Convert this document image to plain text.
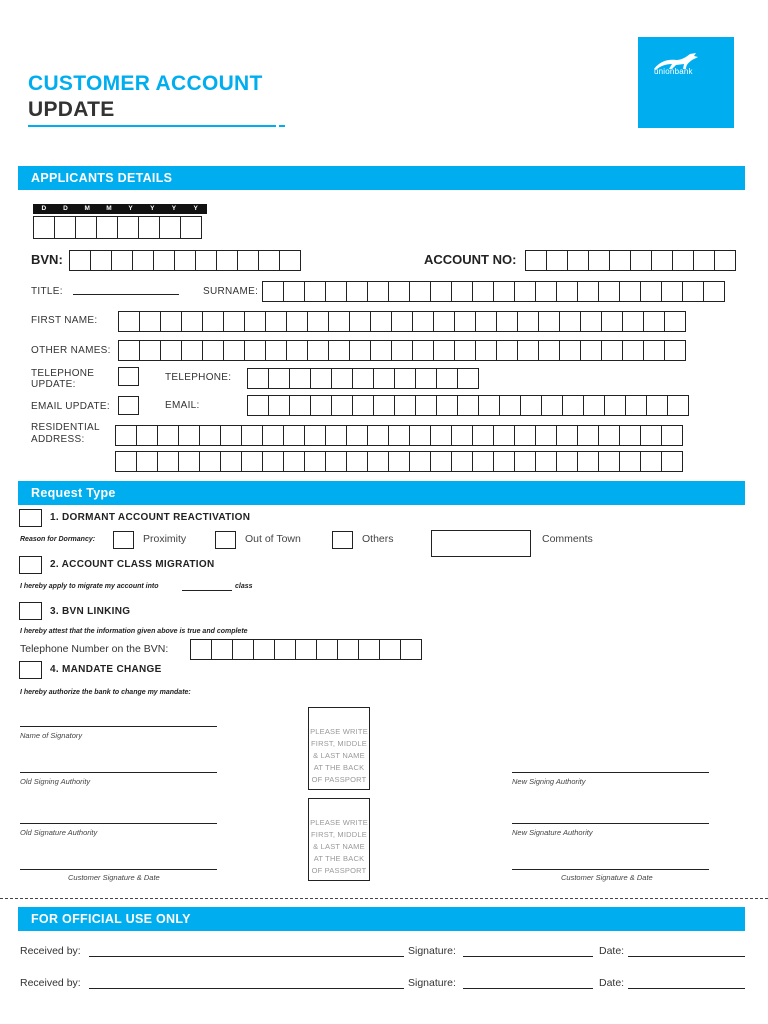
CUSTOMER ACCOUNT
UPDATE
unionbank
APPLICANTS DETAILS
D	D	M	M	Y	Y	Y	Y
BVN:	ACCOUNT NO:
TITLE:	SURNAME:
FIRST NAME:
OTHER NAMES:
TELEPHONE UPDATE:
TELEPHONE:
EMAIL UPDATE:	EMAIL:
RESIDENTIAL ADDRESS:
Request Type
1. DORMANT ACCOUNT REACTIVATION
Reason for Dormancy:	Proximity	Out of Town	Others	Comments
2. ACCOUNT CLASS MIGRATION
I hereby apply to migrate my account into	class
3. BVN LINKING
I hereby attest that the information given above is true and complete
Telephone Number on the BVN:
4. MANDATE CHANGE
I hereby authorize the bank to change my mandate:
Name of Signatory
Old Signing Authority
Old Signature Authority
Customer Signature & Date
PLEASE WRITE FIRST, MIDDLE & LAST NAME AT THE BACK OF PASSPORT
PLEASE WRITE FIRST, MIDDLE & LAST NAME AT THE BACK OF PASSPORT
New Signing Authority
New Signature Authority
Customer Signature & Date
FOR OFFICIAL USE ONLY
Received by:	Signature:	Date:
Received by:	Signature:	Date:
